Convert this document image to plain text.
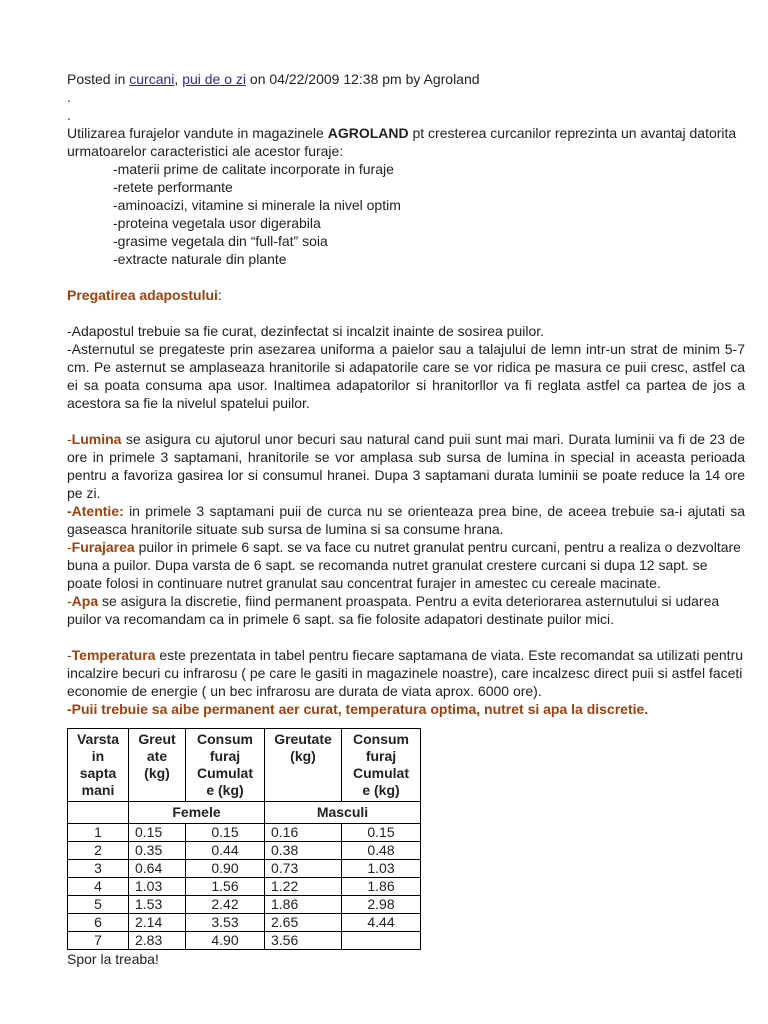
Posted in curcani, pui de o zi on 04/22/2009 12:38 pm by Agroland

.

.

Utilizarea furajelor vandute in magazinele AGROLAND pt cresterea curcanilor reprezinta un avantaj datorita urmatoarelor caracteristici ale acestor furaje:

-materii prime de calitate incorporate in furaje
-retete performante
-aminoacizi, vitamine si minerale la nivel optim
-proteina vegetala usor digerabila
-grasime vegetala din “full-fat” soia
-extracte naturale din plante

Pregatirea adapostului:

-Adapostul trebuie sa fie curat, dezinfectat si incalzit inainte de sosirea puilor.

-Asternutul se pregateste prin asezarea uniforma a paielor sau a talajului de lemn intr-un strat de minim 5-7 cm. Pe asternut se amplaseaza hranitorile si adapatorile care se vor ridica pe masura ce puii cresc, astfel ca ei sa poata consuma apa usor. Inaltimea adapatorilor si hranitorllor va fi reglata astfel ca partea de jos a acestora sa fie la nivelul spatelui puilor.

-Lumina se asigura cu ajutorul unor becuri sau natural cand puii sunt mai mari. Durata luminii va fi de 23 de ore in primele 3 saptamani, hranitorile se vor amplasa sub sursa de lumina in special in aceasta perioada pentru a favoriza gasirea lor si consumul hranei. Dupa 3 saptamani durata luminii se poate reduce la 14 ore pe zi.

-Atentie: in primele 3 saptamani puii de curca nu se orienteaza prea bine, de aceea trebuie sa-i ajutati sa gaseasca hranitorile situate sub sursa de lumina si sa consume hrana.

-Furajarea puilor in primele 6 sapt. se va face cu nutret granulat pentru curcani, pentru a realiza o dezvoltare buna a puilor. Dupa varsta de 6 sapt. se recomanda nutret granulat crestere curcani si dupa 12 sapt. se poate folosi in continuare nutret granulat sau concentrat furajer in amestec cu cereale macinate.

-Apa se asigura la discretie, fiind permanent proaspata. Pentru a evita deteriorarea asternutului si udarea puilor va recomandam ca in primele 6 sapt. sa fie folosite adapatori destinate puilor mici.

-Temperatura este prezentata in tabel pentru fiecare saptamana de viata. Este recomandat sa utilizati pentru incalzire becuri cu infrarosu ( pe care le gasiti in magazinele noastre), care incalzesc direct puii si astfel faceti economie de energie ( un bec infrarosu are durata de viata aprox. 6000 ore).

-Puii trebuie sa aibe permanent aer curat, temperatura optima, nutret si apa la discretie.

Varsta in sapta mani	Greut ate (kg)	Consum furaj Cumulat e (kg)	Greutate (kg)	Consum furaj Cumulat e (kg)
	Femele		Masculi	
1	0.15	0.15	0.16	0.15
2	0.35	0.44	0.38	0.48
3	0.64	0.90	0.73	1.03
4	1.03	1.56	1.22	1.86
5	1.53	2.42	1.86	2.98
6	2.14	3.53	2.65	4.44
7	2.83	4.90	3.56	

Spor la treaba!
